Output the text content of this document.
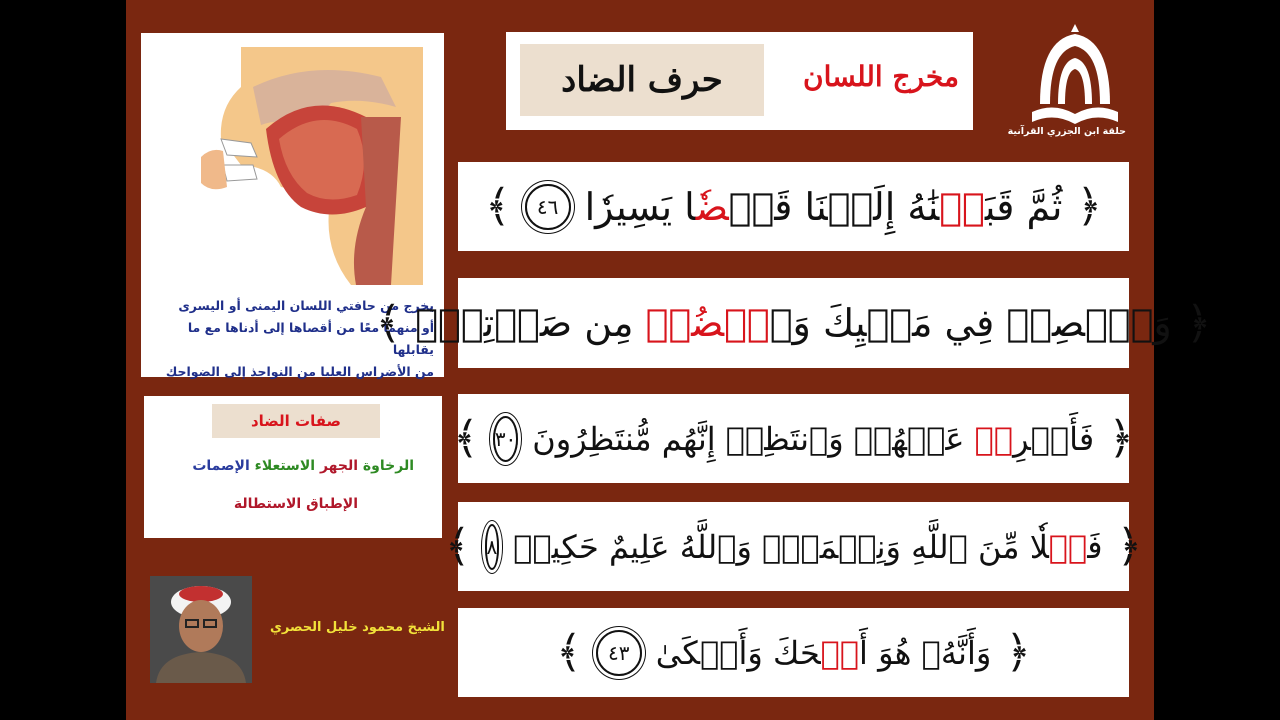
حلقة ابن الجزري القرآنية
حرف الضاد	مخرج اللسان
يخرج من حافتي اللسان اليمنى أو اليسرى
أو منهما معًا من أقصاها إلى أدناها مع ما يقابلها
من الأضراس العليا من النواجذ إلى الضواحك
صفات الضاد
الرخاوة الجهر الاستعلاء الإصمات
الإطباق الاستطالة
الشيخ محمود خليل الحصري
﴿
ثُمَّ قَبَضۡنَٰهُ إِلَيۡنَا قَبۡضٗا يَسِيرٗا
٤٦
﴾
﴿
وَٱقۡصِدۡ فِي مَشۡيِكَ وَٱغۡضُضۡ مِن صَوۡتِكَۚ
﴾
﴿
فَأَعۡرِضۡ عَنۡهُمۡ وَٱنتَظِرۡ إِنَّهُم مُّنتَظِرُونَ
٣٠
﴾
﴿
فَضۡلٗا مِّنَ ٱللَّهِ وَنِعۡمَةٗۚ وَٱللَّهُ عَلِيمٌ حَكِيمٞ
٨
﴾
﴿
وَأَنَّهُۥ هُوَ أَضۡحَكَ وَأَبۡكَىٰ
٤٣
﴾
